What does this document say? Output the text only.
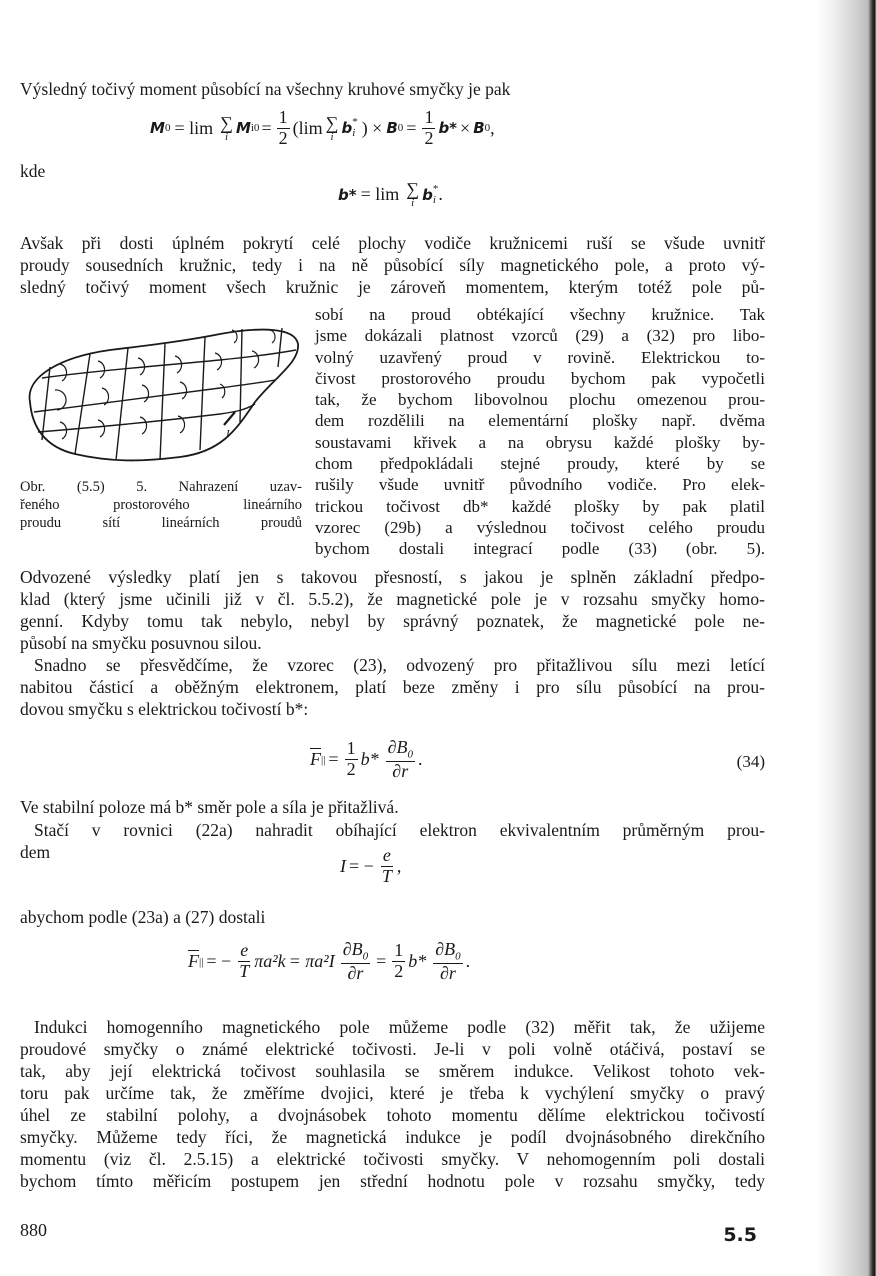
Výsledný točivý moment působící na všechny kruhové smyčky je pak
M 0 = lim ∑
i M $i0 = \frac{1}{2} (\lim$ ∑
i b *
i ) × B $0 = \frac{1}{2} b* \times B$ 0 ,
kde
b* = lim ∑
i b *
i .
Avšak při dosti úplném pokrytí celé plochy vodiče kružnicemi ruší se všude uvnitř
proudy sousedních kružnic, tedy i na ně působící síly magnetického pole, a proto vý-
sledný točivý moment všech kružnic je zároveň momentem, kterým totéž pole pů-
I
Obr. (5.5) 5. Nahrazení uzav-
řeného prostorového lineárního
proudu sítí lineárních proudů
sobí na proud obtékající všechny kružnice. Tak
jsme dokázali platnost vzorců (29) a (32) pro libo-
volný uzavřený proud v rovině. Elektrickou to-
čivost prostorového proudu bychom pak vypočetli
tak, že bychom libovolnou plochu omezenou prou-
dem rozdělili na elementární plošky např. dvěma
soustavami křivek a na obrysu každé plošky by-
chom předpokládali stejné proudy, které by se
rušily všude uvnitř původního vodiče. Pro elek-
trickou točivost db* každé plošky by pak platil
vzorec (29b) a výslednou točivost celého proudu
bychom dostali integrací podle (33) (obr. 5).
Odvozené výsledky platí jen s takovou přesností, s jakou je splněn základní předpo-
klad (který jsme učinili již v čl. 5.5.2), že magnetické pole je v rozsahu smyčky homo-
genní. Kdyby tomu tak nebylo, nebyl by správný poznatek, že magnetické pole ne-
působí na smyčku posuvnou silou.
Snadno se přesvědčíme, že vzorec (23), odvozený pro přitažlivou sílu mezi letící
nabitou částicí a oběžným elektronem, platí beze změny i pro sílu působící na prou-
dovou smyčku s elektrickou točivostí b*:
$\overline{F}$ || = $\frac{1}{2} b* \frac{\partial B_0}{\partial r}$ .	(34)
Ve stabilní poloze má b* směr pole a síla je přitažlivá.
Stačí v rovnici (22a) nahradit obíhající elektron ekvivalentním průměrným prou-
dem
I = − $\frac{e}{T}$ ,
abychom podle (23a) a (27) dostali
$\overline{F}$ || = − $\frac{e}{T} \pi a^2k = \pi a^2I \frac{\partial B_0}{\partial r} = \frac{1}{2} b* \frac{\partial B_0}{\partial r}$ .
Indukci homogenního magnetického pole můžeme podle (32) měřit tak, že užijeme
proudové smyčky o známé elektrické točivosti. Je-li v poli volně otáčivá, postaví se
tak, aby její elektrická točivost souhlasila se směrem indukce. Velikost tohoto vek-
toru pak určíme tak, že změříme dvojici, které je třeba k vychýlení smyčky o pravý
úhel ze stabilní polohy, a dvojnásobek tohoto momentu dělíme elektrickou točivostí
smyčky. Můžeme tedy říci, že magnetická indukce je podíl dvojnásobného direkčního
momentu (viz čl. 2.5.15) a elektrické točivosti smyčky. V nehomogenním poli dostali
bychom tímto měřicím postupem jen střední hodnotu pole v rozsahu smyčky, tedy
880	5.5
